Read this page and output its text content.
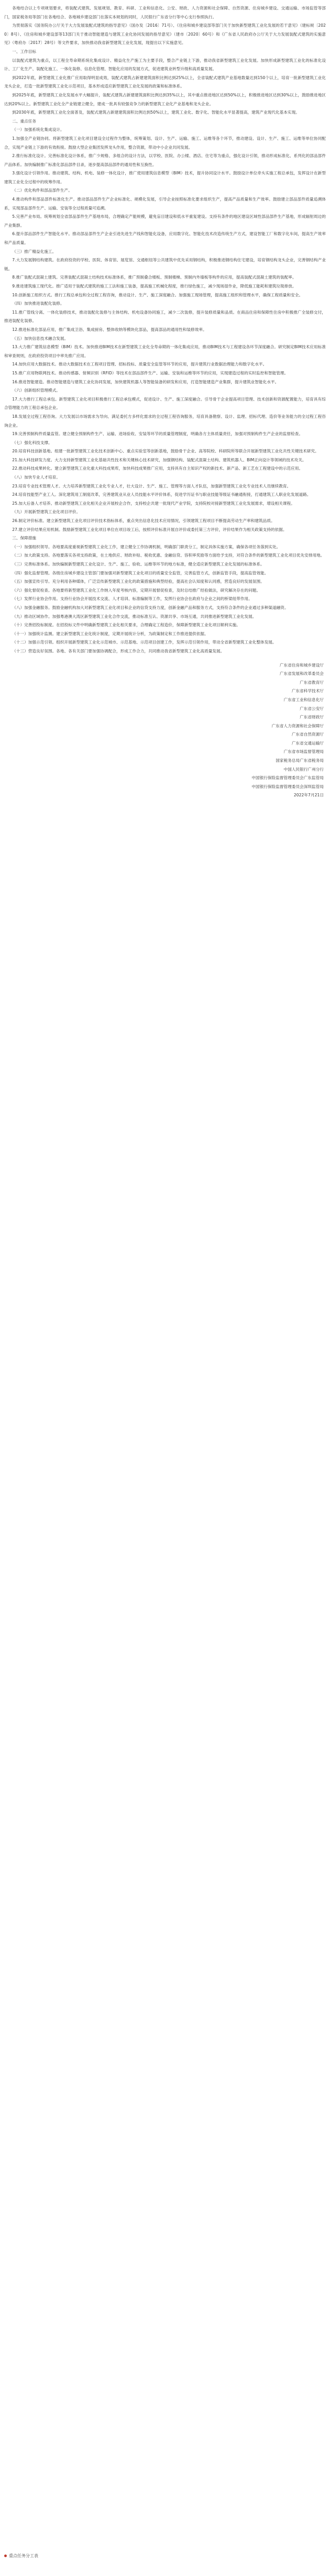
各地结合以上专项规划要求，将装配式建筑、发展规划、教育、科研、工业和信息化、公安、财政、人力资源和社会保障、自然资源、住房城乡建设、交通运输、市场监管等部门，国家税务局等部门在各地结合、各地城乡建设部门在落实本规划的同时，人民银行广东省分行等中心支行参照执行。

为贯彻落实《国务院办公厅关于大力发展装配式建筑的指导意见》（国办发〔2016〕71号）、《住房和城乡建设部等部门关于加快新型建筑工业化发展的若干意见》（建标规〔2020〕8号）、《住房和城乡建设部等13部门关于推动智能建造与建筑工业化协同发展的指导意见》（建市〔2020〕60号）和《广东省人民政府办公厅关于大力发展装配式建筑的实施意见》（粤府办〔2017〕28号）等文件要求，加快推动我省新型建筑工业化发展，现提出以下实施意见。

一、工作目标

以装配式建筑为重点，以工程全寿命期系统化集成设计、精益化生产施工为主要手段，整合产业链上下游，推动我省新型建筑工业化发展。加快形成新型建筑工业化的标准化设计、工厂化生产、装配化施工、一体化装修、信息化管理、智能化应用的发展方式，促进建筑业转型升级和高质量发展。

到2022年底，新型建筑工业化推广应用取得明显成效，装配式建筑占新建建筑面积比例达到25%以上，全省装配式建筑产业基地数量达到150个以上，培育一批新型建筑工业化龙头企业，打造一批新型建筑工业化示范项目，基本形成适应新型建筑工业化发展的政策和标准体系。

到2025年底，新型建筑工业化发展水平大幅提升，装配式建筑占新建建筑面积比例达到35%以上，其中重点推进地区达到50%以上，积极推进地区达到30%以上，鼓励推进地区达到20%以上。新型建筑工业化全产业链建立健全，建成一批具有较强竞争力的新型建筑工业化产业基地和龙头企业。

到2030年底，新型建筑工业化全面普及，装配式建筑占新建建筑面积比例达到50%以上，建筑工业化、数字化、智能化水平显著提高，建筑产业现代化基本实现。

二、重点任务

（一）加强系统化集成设计。

1.加强全产业链协同。将新型建筑工业化项目建设全过程作为整体，统筹策划、设计、生产、运输、施工、运维等各个环节，推动建设、设计、生产、施工、运维等单位协同配合，实现产业链上下游的有效衔接。鼓励大型企业集团发挥龙头作用，整合资源，带动中小企业共同发展。

2.推行标准化设计。完善标准化设计体系，推广少规格、多组合的设计方法，以学校、医院、办公楼、酒店、住宅等为重点，强化设计引领，推动形成标准化、系列化的部品部件产品体系。加快编制推广标准化部品部件目录，逐步提高部品部件的通用性和互换性。

3.强化设计引领作用。推动建筑、结构、机电、装修一体化设计，推广使用建筑信息模型（BIM）技术，提升协同设计水平。鼓励设计单位牵头实施工程总承包，发挥设计在新型建筑工业化全过程中的统筹作用。

（二）优化构件和部品部件生产。

4.推动构件和部品部件标准化生产。推动部品部件生产企业标准化、规模化发展，引导企业按照标准化要求组织生产，提高产品质量和生产效率。鼓励建立部品部件质量追溯体系，实现部品部件生产、运输、安装等全过程质量可追溯。

5.完善产业布局。统筹规划全省部品部件生产基地布局，合理确定产能规模，避免盲目建设和低水平重复建设。支持有条件的地区建设区域性部品部件生产基地，形成辐射周边的产业集群。

6.提升部品部件生产智能化水平。推动部品部件生产企业引进先进生产线和智能化设备，应用数字化、智能化技术改造传统生产方式，建设智能工厂和数字化车间，提高生产效率和产品质量。

（三）推广精益化施工。

7.大力发展钢结构建筑。在政府投资的学校、医院、体育馆、展览馆、交通枢纽等公共建筑中优先采用钢结构，积极推进钢结构住宅建设，培育钢结构龙头企业，完善钢结构产业链。

8.推广装配式混凝土建筑。完善装配式混凝土结构技术标准体系，推广预制叠合楼板、预制楼梯、预制内外墙板等构件的应用，提高装配式混凝土建筑的装配率。

9.推进建筑施工现代化。推广适用于装配式建筑的施工工法和施工装备，提高施工机械化程度，推行绿色施工，减少现场湿作业，降低施工能耗和建筑垃圾排放。

10.创新施工组织方式。推行工程总承包和全过程工程咨询，推动设计、生产、施工深度融合。加强施工现场管理，提高施工组织和管理水平，确保工程质量和安全。

（四）加快推进装配化装修。

11.推广管线分离、一体化装修技术，推动装配化装修与主体结构、机电设备协同施工，减少二次装修，提升装修质量和品质。在商品住房和保障性住房中积极推广全装修交付，推进装配化装修。

12.推进标准化部品应用，推广集成卫浴、集成厨房、整体收纳等模块化部品，提高部品的通用性和装修效率。

（五）加快信息技术融合发展。

13.大力推广建筑信息模型（BIM）技术。加快推进BIM技术在新型建筑工业化全寿命期的一体化集成应用，推动BIM技术与工程建设各环节深度融合。研究制定BIM技术应用标准和审查规则，在政府投资项目中率先推广应用。

14.加快应用大数据技术。推动大数据技术在工程项目管理、招标投标、质量安全监管等环节的应用，提升建筑行业数据治理能力和数字化水平。

15.推广应用物联网技术。推动传感器、射频识别（RFID）等技术在部品部件生产、运输、安装和运维等环节的应用，实现建造过程的实时监控和智能管理。

16.推进智能建造。推动智能建造与建筑工业化协同发展，加快建筑机器人等智能装备的研发和应用，打造智能建造产业集群，提升建筑业智能化水平。

（六）创新组织管理模式。

17.大力推行工程总承包。新型建筑工业化项目积极推行工程总承包模式，促进设计、生产、施工深度融合。引导骨干企业提高项目管理、技术创新和资源配置能力，培育具有综合管理能力的工程总承包企业。

18.发展全过程工程咨询。大力发展以市场需求为导向、满足委托方多样化需求的全过程工程咨询服务，培育具备勘察、设计、监理、招标代理、造价等业务能力的全过程工程咨询企业。

19.完善预制构件质量监管。建立健全预制构件生产、运输、进场验收、安装等环节的质量管理制度，明确各方主体质量责任，加强对预制构件生产企业的监督检查。

（七）强化科技支撑。

20.培育科技创新基地。组建一批新型建筑工业化技术创新中心、重点实验室等创新基地，鼓励骨干企业、高等院校、科研院所等联合开展新型建筑工业化共性关键技术研究。

21.加大科技研发力度。大力支持新型建筑工业化基础共性技术和关键核心技术研究，加强钢结构、装配式混凝土结构、建筑机器人、BIM正向设计等领域的技术攻关。

22.推动科技成果转化。建立新型建筑工业化重大科技成果库，加快科技成果推广应用，支持具有自主知识产权的新技术、新产品、新工艺在工程建设中的示范应用。

（八）加快专业人才培育。

23.培育专业技术管理人才。大力培养新型建筑工业化专业人才，壮大设计、生产、施工、管理等方面人才队伍，加强新型建筑工业化专业技术人员继续教育。

24.培育技能型产业工人。深化建筑用工制度改革，完善建筑业从业人员技能水平评价体系，促进学历证书与职业技能等级证书融通衔接，打通建筑工人职业化发展道路。

25.加大后备人才培养。推动新型建筑工业化相关企业开展校企合作，支持校企共建一批现代产业学院，支持院校对接新型建筑工业化发展需求，增设相关课程。

（九）开展新型建筑工业化项目评价。

26.制定评价标准。建立新型建筑工业化项目评价技术指标体系，重点突出信息化技术应用情况，引领建筑工程项目不断提高劳动生产率和建筑品质。

27.建立评价结果应用机制。鼓励新型建筑工业化项目单位在项目竣工后，按照评价标准开展自评价或委托第三方评价，评价结果作为相关政策支持的依据。

三、保障措施

（一）加强组织领导。各地要高度重视新型建筑工业化工作，建立健全工作协调机制，明确部门职责分工，制定具体实施方案，确保各项任务落到实处。

（二）加大政策支持。各地要落实各项支持政策，在土地供应、财政补贴、税收优惠、金融信贷、容积率奖励等方面给予支持，对符合条件的新型建筑工业化项目优先安排用地。

（三）完善标准体系。加快编制新型建筑工业化设计、生产、施工、验收、运维等环节的地方标准，健全适应新型建筑工业化发展的标准体系。

（四）强化监督管理。各级住房城乡建设主管部门要加强对新型建筑工业化项目的质量安全监管，完善监管方式，创新监管手段，提高监管效能。

（五）加强宣传引导。充分利用各种媒体，广泛宣传新型建筑工业化的政策措施和典型经验，提高社会认知度和认同感，营造良好的发展氛围。

（六）强化督促检查。各地要将新型建筑工业化工作纳入年度考核内容，定期开展督促检查，及时总结推广经验做法，研究解决存在的问题。

（七）发挥行业协会作用。支持行业协会开展技术交流、人才培训、标准编制等工作，发挥行业协会在政府与企业之间的桥梁纽带作用。

（八）加强金融服务。鼓励金融机构加大对新型建筑工业化项目和企业的信贷支持力度，创新金融产品和服务方式，支持符合条件的企业通过多种渠道融资。

（九）推动区域协作。加强粤港澳大湾区新型建筑工业化合作交流，推动标准互认、资源共享、市场互通，共同推进新型建筑工业化发展。

（十）完善招投标制度。在招投标文件中明确新型建筑工业化相关要求，合理确定工程造价，保障新型建筑工业化项目顺利实施。

（十一）加强统计监测。建立新型建筑工业化统计制度，定期开展统计分析，为政策制定和工作推进提供依据。

（十二）加强示范引领。组织开展新型建筑工业化示范城市、示范基地、示范项目创建工作，发挥示范引领作用，带动全省新型建筑工业化整体发展。

（十三）营造良好氛围。各地、各有关部门要加强协调配合，形成工作合力，共同推动我省新型建筑工业化高质量发展。

广东省住房和城乡建设厅

广东省发展和改革委员会

广东省教育厅

广东省科学技术厅

广东省工业和信息化厅

广东省公安厅

广东省财政厅

广东省人力资源和社会保障厅

广东省自然资源厅

广东省交通运输厅

广东省市场监督管理局

国家税务总局广东省税务局

中国人民银行广州分行

中国银行保险监督管理委员会广东监管局

中国银行保险监督管理委员会深圳监管局

2022年7月21日

重点任务分工表
